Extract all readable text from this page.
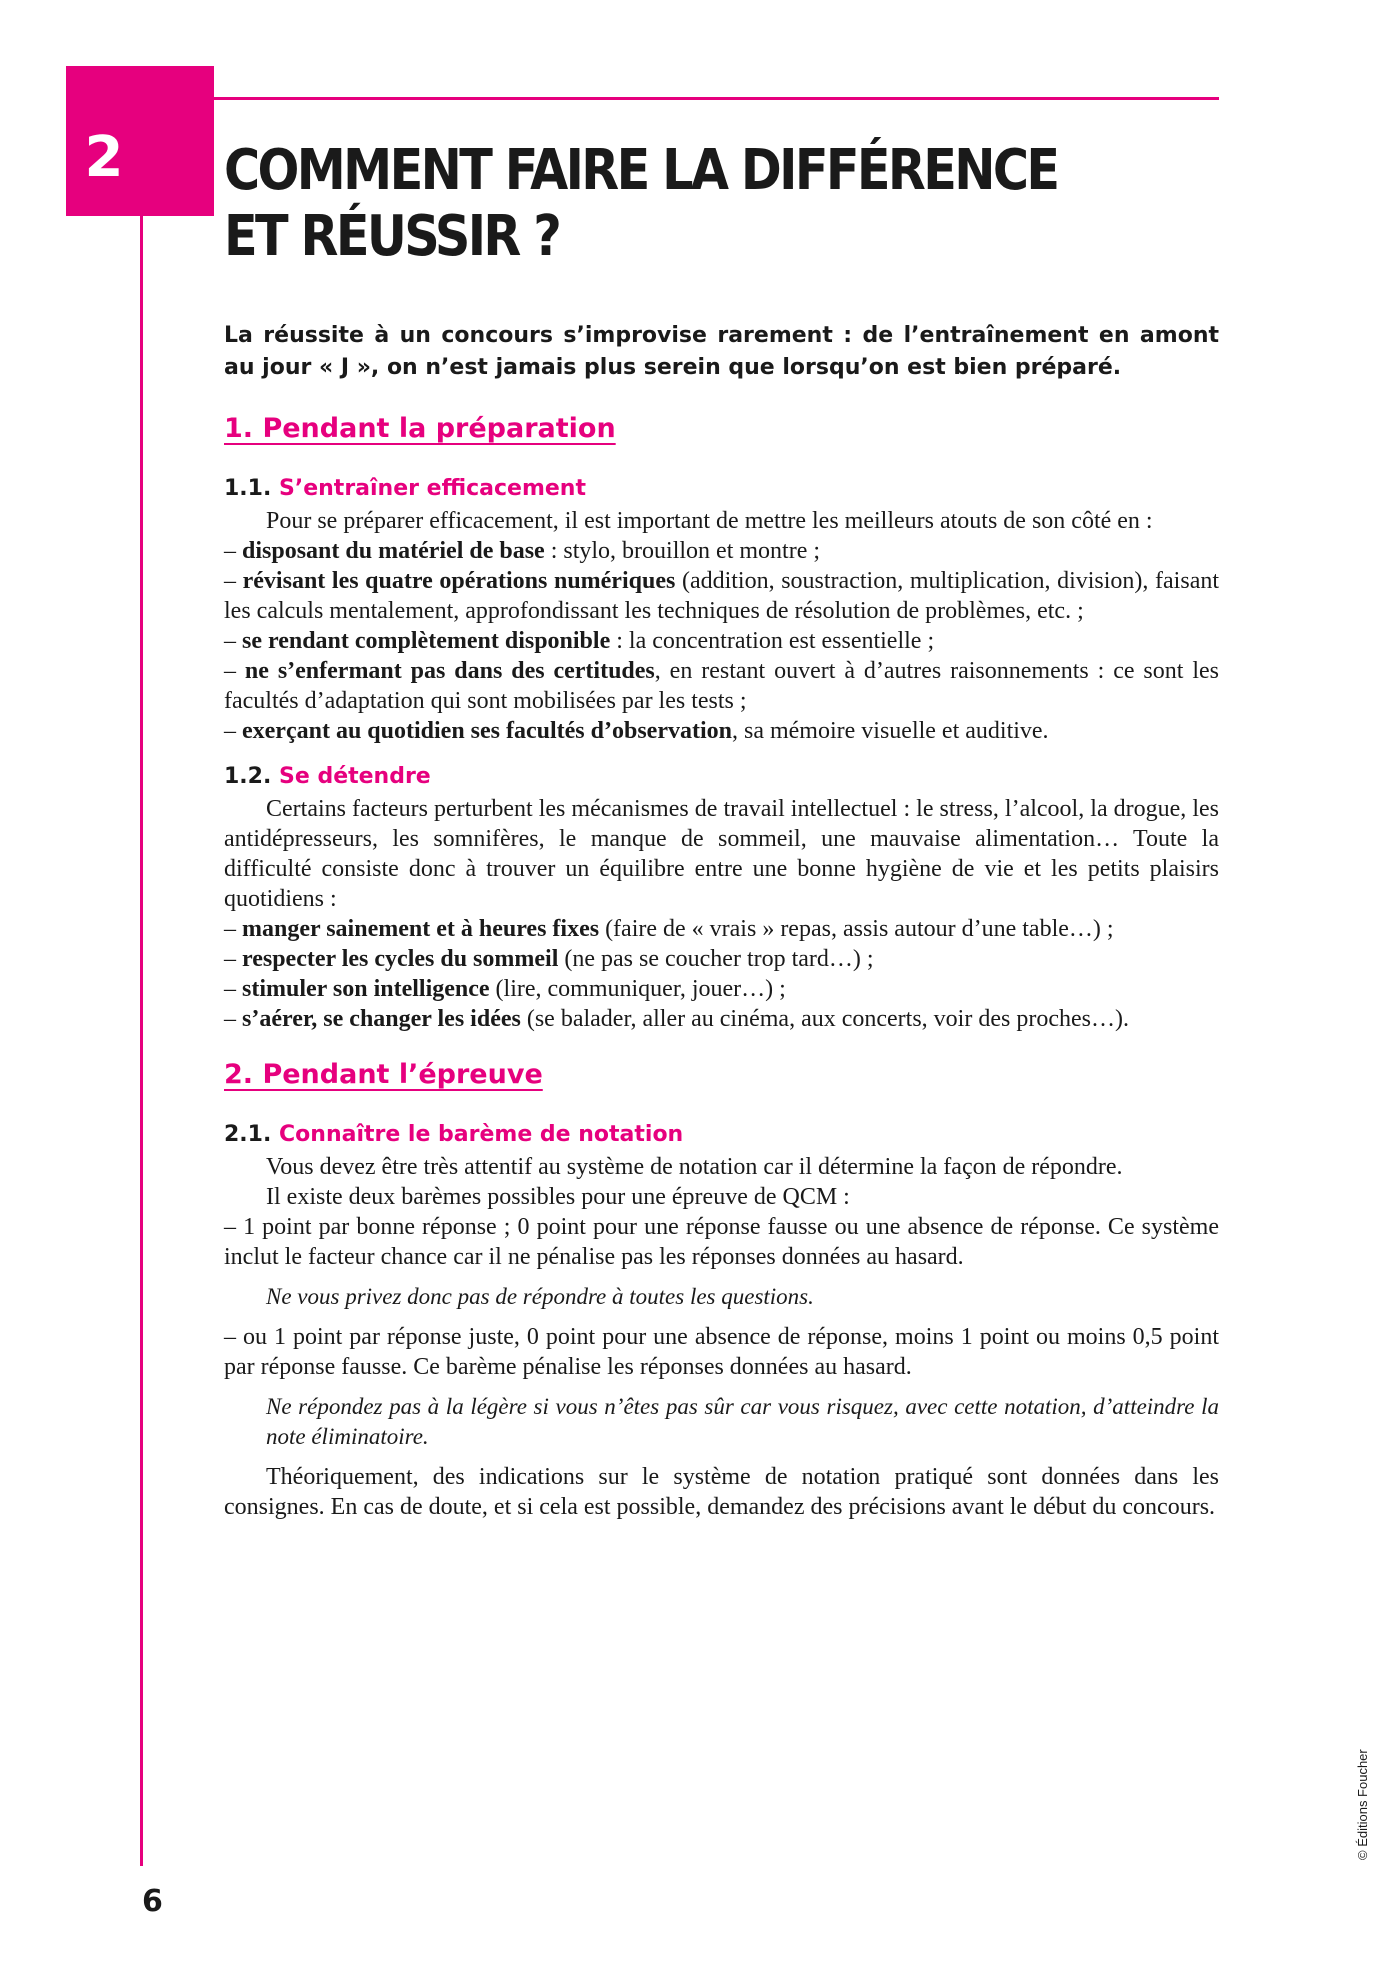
2	COMMENT FAIRE LA DIFFÉRENCE
ET RÉUSSIR ?

La réussite à un concours s’improvise rarement : de l’entraînement en amont au jour « J », on n’est jamais plus serein que lorsqu’on est bien préparé.

1. Pendant la préparation
1.1. S’entraîner efficacement

Pour se préparer efficacement, il est important de mettre les meilleurs atouts de son côté en :

– disposant du matériel de base : stylo, brouillon et montre ;

– révisant les quatre opérations numériques (addition, soustraction, multiplication, division), faisant les calculs mentalement, approfondissant les techniques de résolution de problèmes, etc. ;

– se rendant complètement disponible : la concentration est essentielle ;

– ne s’enfermant pas dans des certitudes, en restant ouvert à d’autres raisonnements : ce sont les facultés d’adaptation qui sont mobilisées par les tests ;

– exerçant au quotidien ses facultés d’observation, sa mémoire visuelle et auditive.

1.2. Se détendre

Certains facteurs perturbent les mécanismes de travail intellectuel : le stress, l’alcool, la drogue, les antidépresseurs, les somnifères, le manque de sommeil, une mauvaise alimentation… Toute la difficulté consiste donc à trouver un équilibre entre une bonne hygiène de vie et les petits plaisirs quotidiens :

– manger sainement et à heures fixes (faire de « vrais » repas, assis autour d’une table…) ;

– respecter les cycles du sommeil (ne pas se coucher trop tard…) ;

– stimuler son intelligence (lire, communiquer, jouer…) ;

– s’aérer, se changer les idées (se balader, aller au cinéma, aux concerts, voir des proches…).

2. Pendant l’épreuve
2.1. Connaître le barème de notation

Vous devez être très attentif au système de notation car il détermine la façon de répondre.

Il existe deux barèmes possibles pour une épreuve de QCM :

– 1 point par bonne réponse ; 0 point pour une réponse fausse ou une absence de réponse. Ce système inclut le facteur chance car il ne pénalise pas les réponses données au hasard.

Ne vous privez donc pas de répondre à toutes les questions.

– ou 1 point par réponse juste, 0 point pour une absence de réponse, moins 1 point ou moins 0,5 point par réponse fausse. Ce barème pénalise les réponses données au hasard.

Ne répondez pas à la légère si vous n’êtes pas sûr car vous risquez, avec cette notation, d’atteindre la note éliminatoire.

Théoriquement, des indications sur le système de notation pratiqué sont données dans les consignes. En cas de doute, et si cela est possible, demandez des précisions avant le début du concours.

6
© Éditions Foucher
